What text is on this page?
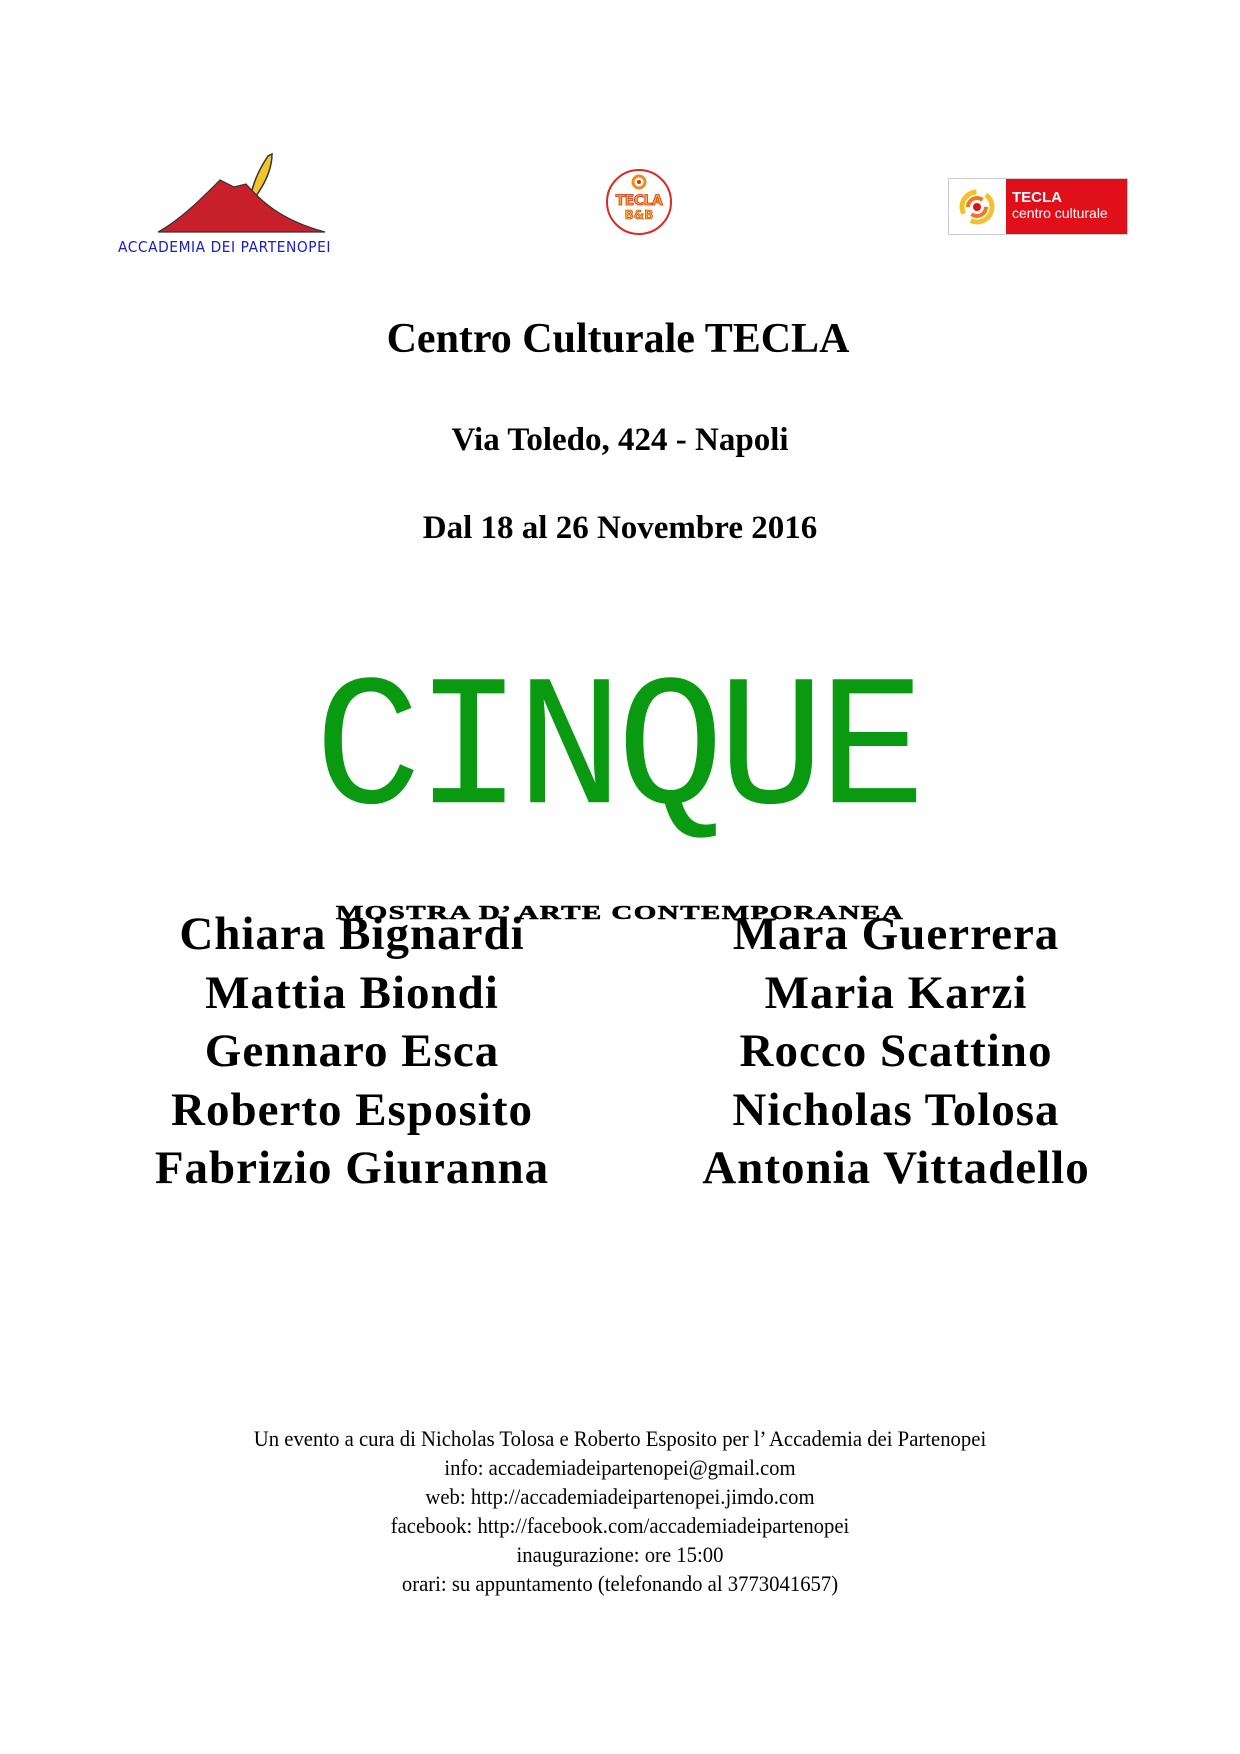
ACCADEMIA DEI PARTENOPEI
TECLA
B&B
TECLA
centro culturale
Centro Culturale TECLA
Via Toledo, 424 - Napoli
Dal 18 al 26 Novembre 2016
CINQUE
MOSTRA D’ ARTE CONTEMPORANEA
Chiara Bignardi
Mattia Biondi
Gennaro Esca
Roberto Esposito
Fabrizio Giuranna
Mara Guerrera
Maria Karzi
Rocco Scattino
Nicholas Tolosa
Antonia Vittadello
Un evento a cura di Nicholas Tolosa e Roberto Esposito per l’ Accademia dei Partenopei
info: accademiadeipartenopei@gmail.com
web: http://accademiadeipartenopei.jimdo.com
facebook: http://facebook.com/accademiadeipartenopei
inaugurazione: ore 15:00
orari: su appuntamento (telefonando al 3773041657)
